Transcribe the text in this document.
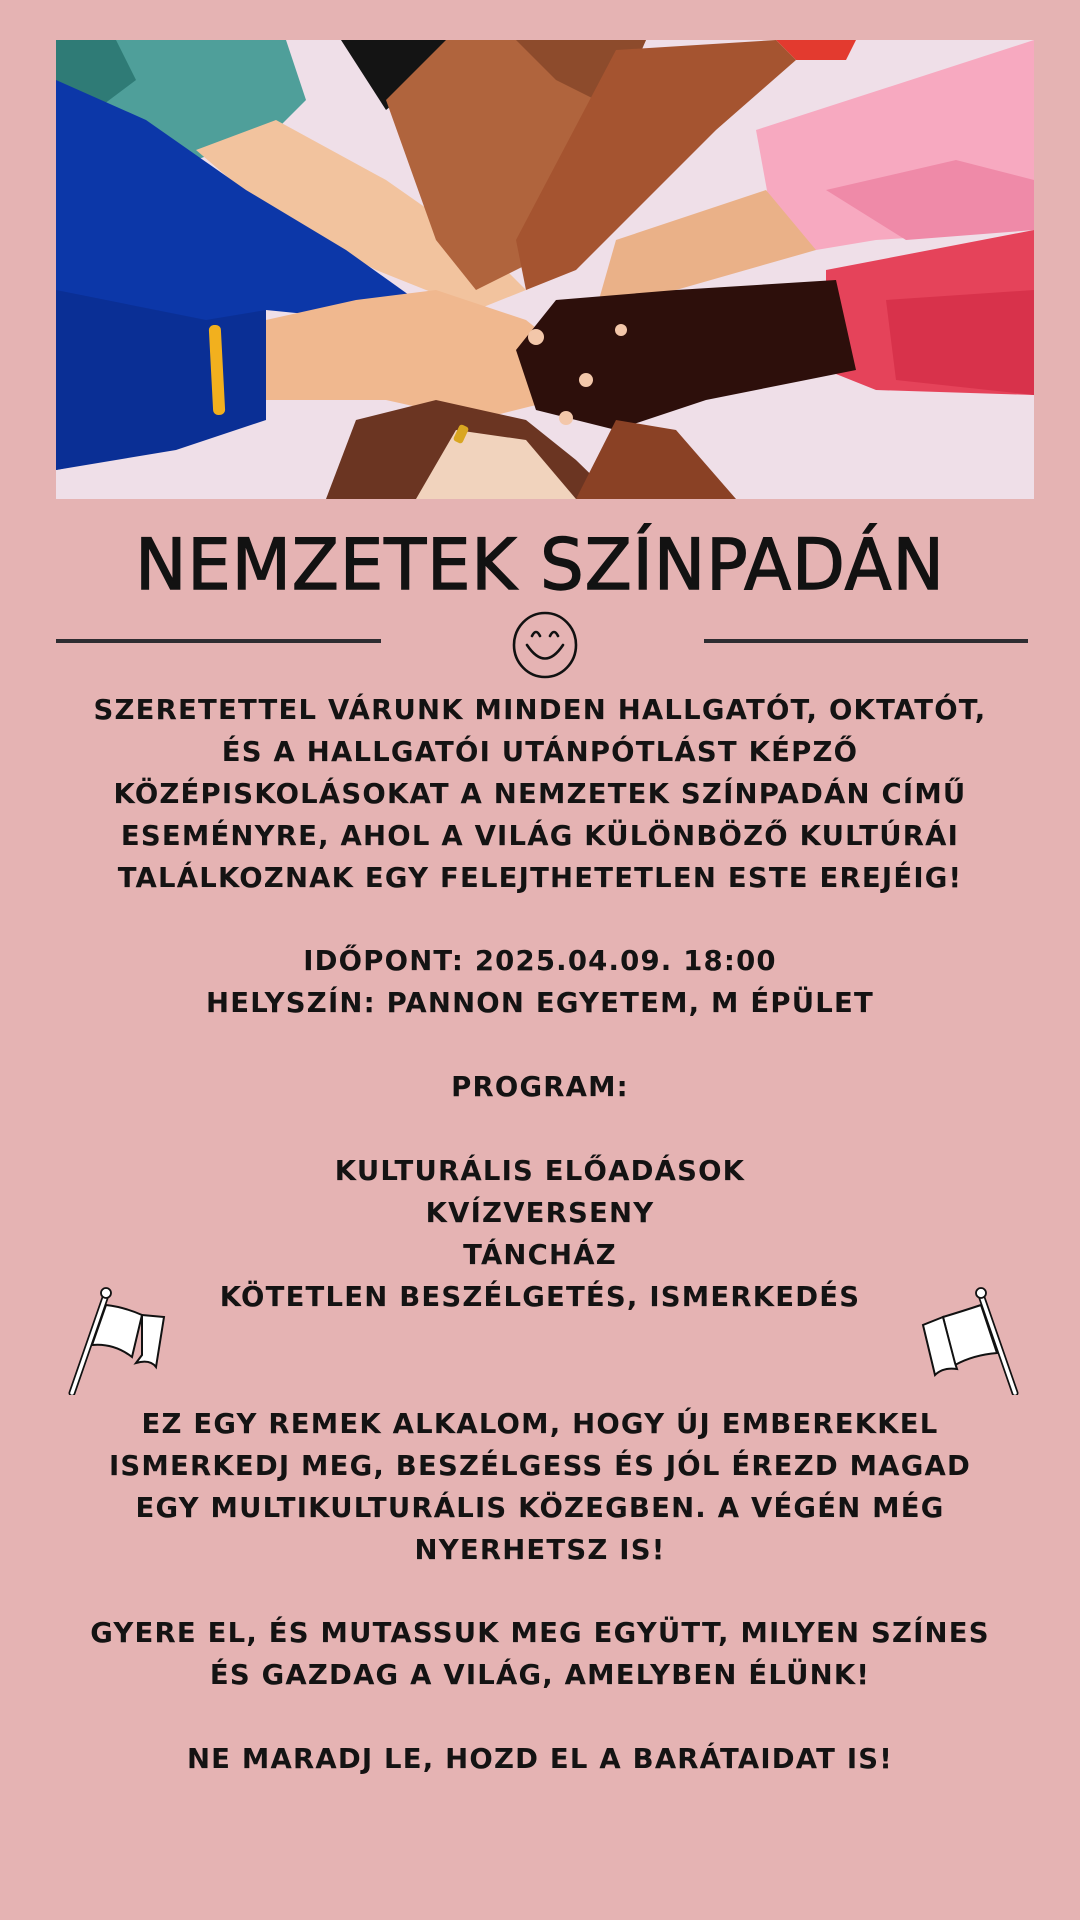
NEMZETEK SZÍNPADÁN
SZERETETTEL VÁRUNK MINDEN HALLGATÓT, OKTATÓT,
ÉS A HALLGATÓI UTÁNPÓTLÁST KÉPZŐ
KÖZÉPISKOLÁSOKAT A NEMZETEK SZÍNPADÁN CÍMŰ
ESEMÉNYRE, AHOL A VILÁG KÜLÖNBÖZŐ KULTÚRÁI
TALÁLKOZNAK EGY FELEJTHETETLEN ESTE EREJÉIG!
IDŐPONT: 2025.04.09. 18:00
HELYSZÍN: PANNON EGYETEM, M ÉPÜLET
PROGRAM:
KULTURÁLIS ELŐADÁSOK
KVÍZVERSENY
TÁNCHÁZ
KÖTETLEN BESZÉLGETÉS, ISMERKEDÉS
EZ EGY REMEK ALKALOM, HOGY ÚJ EMBEREKKEL
ISMERKEDJ MEG, BESZÉLGESS ÉS JÓL ÉREZD MAGAD
EGY MULTIKULTURÁLIS KÖZEGBEN. A VÉGÉN MÉG
NYERHETSZ IS!
GYERE EL, ÉS MUTASSUK MEG EGYÜTT, MILYEN SZÍNES
ÉS GAZDAG A VILÁG, AMELYBEN ÉLÜNK!
NE MARADJ LE, HOZD EL A BARÁTAIDAT IS!
